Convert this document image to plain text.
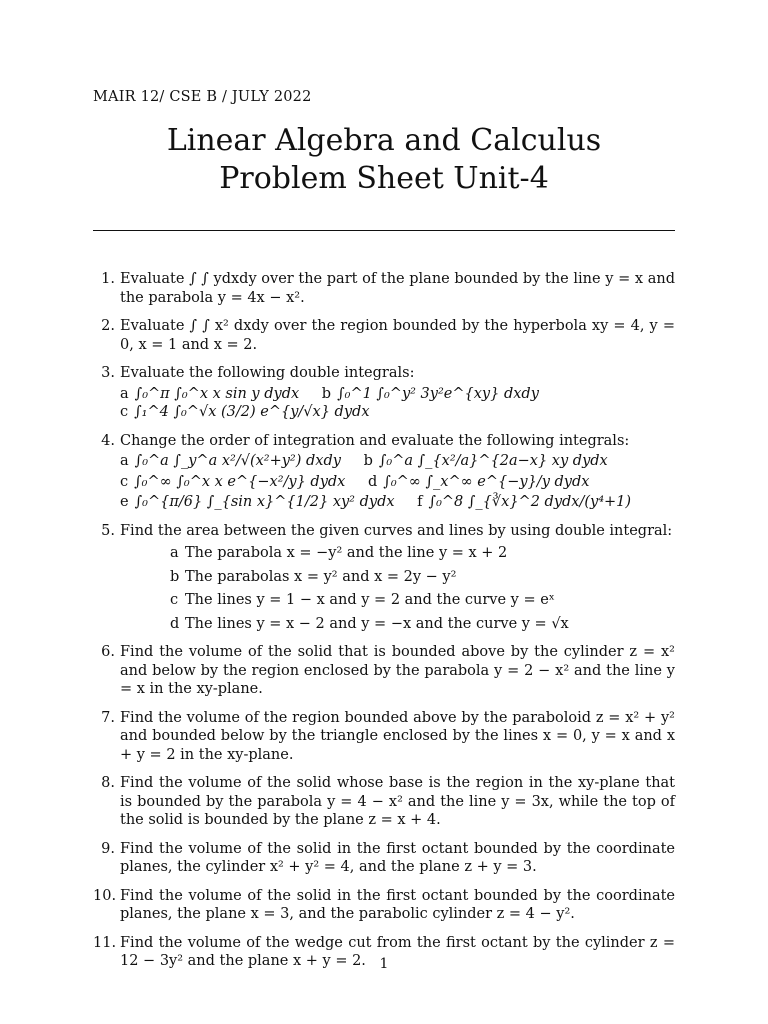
MAIR 12/ CSE B / JULY 2022
Linear Algebra and Calculus
Problem Sheet Unit-4
1. Evaluate ∫ ∫ ydxdy over the part of the plane bounded by the line y = x and the parabola y = 4x − x².

2. Evaluate ∫ ∫ x² dxdy over the region bounded by the hyperbola xy = 4, y = 0, x = 1 and x = 2.

3. Evaluate the following double integrals:

a ∫₀^π ∫₀^x x sin y dydx b ∫₀^1 ∫₀^y² 3y²e^{xy} dxdy c ∫₁^4 ∫₀^√x (3/2) e^{y/√x} dydx
4. Change the order of integration and evaluate the following integrals:

a ∫₀^a ∫_y^a x²/√(x²+y²) dxdy b ∫₀^a ∫_{x²/a}^{2a−x} xy dydx
c ∫₀^∞ ∫₀^x x e^{−x²/y} dydx d ∫₀^∞ ∫_x^∞ e^{−y}/y dydx
e ∫₀^{π/6} ∫_{sin x}^{1/2} xy² dydx f ∫₀^8 ∫_{∛x}^2 dydx/(y⁴+1)
5. Find the area between the given curves and lines by using double integral:

a The parabola x = −y² and the line y = x + 2
b The parabolas x = y² and x = 2y − y²
c The lines y = 1 − x and y = 2 and the curve y = eˣ
d The lines y = x − 2 and y = −x and the curve y = √x
6. Find the volume of the solid that is bounded above by the cylinder z = x² and below by the region enclosed by the parabola y = 2 − x² and the line y = x in the xy-plane.

7. Find the volume of the region bounded above by the paraboloid z = x² + y² and bounded below by the triangle enclosed by the lines x = 0, y = x and x + y = 2 in the xy-plane.

8. Find the volume of the solid whose base is the region in the xy-plane that is bounded by the parabola y = 4 − x² and the line y = 3x, while the top of the solid is bounded by the plane z = x + 4.

9. Find the volume of the solid in the first octant bounded by the coordinate planes, the cylinder x² + y² = 4, and the plane z + y = 3.

10. Find the volume of the solid in the first octant bounded by the coordinate planes, the plane x = 3, and the parabolic cylinder z = 4 − y².

11. Find the volume of the wedge cut from the first octant by the cylinder z = 12 − 3y² and the plane x + y = 2. 1
